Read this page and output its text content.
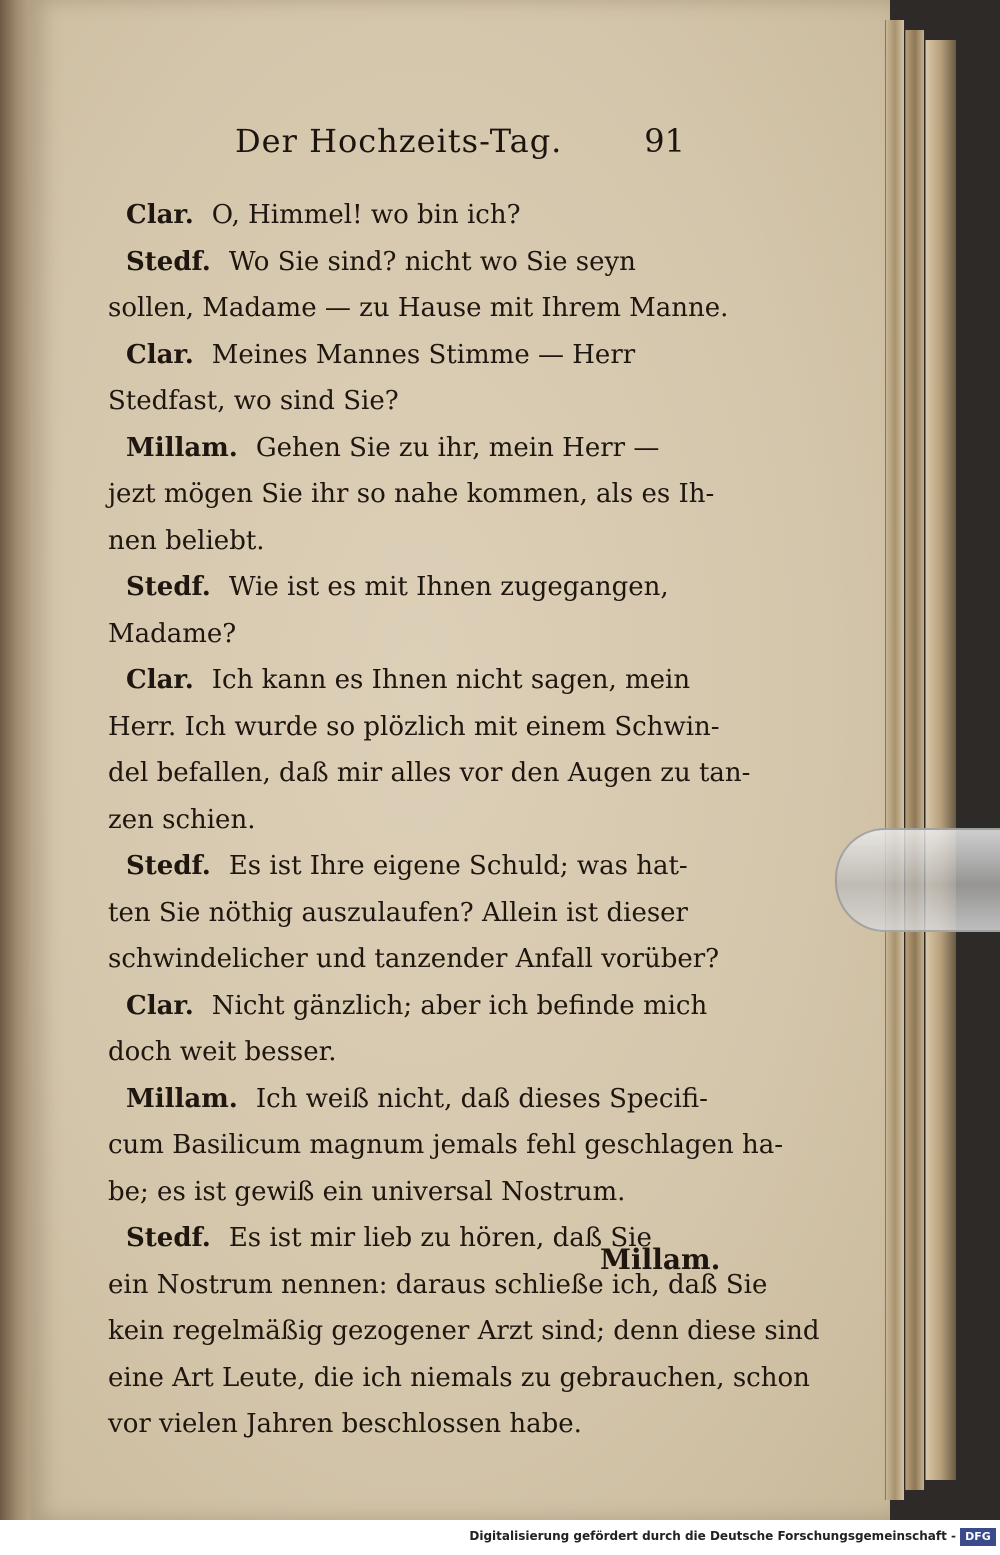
Der Hochzeits-Tag.	91
Clar. O, Himmel! wo bin ich?
Stedf. Wo Sie sind? nicht wo Sie seyn
sollen, Madame — zu Hause mit Ihrem Manne.
Clar. Meines Mannes Stimme — Herr
Stedfast, wo sind Sie?
Millam. Gehen Sie zu ihr, mein Herr —
jezt mögen Sie ihr so nahe kommen, als es Ih-
nen beliebt.
Stedf. Wie ist es mit Ihnen zugegangen,
Madame?
Clar. Ich kann es Ihnen nicht sagen, mein
Herr. Ich wurde so plözlich mit einem Schwin-
del befallen, daß mir alles vor den Augen zu tan-
zen schien.
Stedf. Es ist Ihre eigene Schuld; was hat-
ten Sie nöthig auszulaufen? Allein ist dieser
schwindelicher und tanzender Anfall vorüber?
Clar. Nicht gänzlich; aber ich befinde mich
doch weit besser.
Millam. Ich weiß nicht, daß dieses Specifi-
cum Basilicum magnum jemals fehl geschlagen ha-
be; es ist gewiß ein universal Nostrum.
Stedf. Es ist mir lieb zu hören, daß Sie
ein Nostrum nennen: daraus schließe ich, daß Sie
kein regelmäßig gezogener Arzt sind; denn diese sind
eine Art Leute, die ich niemals zu gebrauchen, schon
vor vielen Jahren beschlossen habe.
Millam.
Digitalisierung gefördert durch die Deutsche Forschungsgemeinschaft - DFG
